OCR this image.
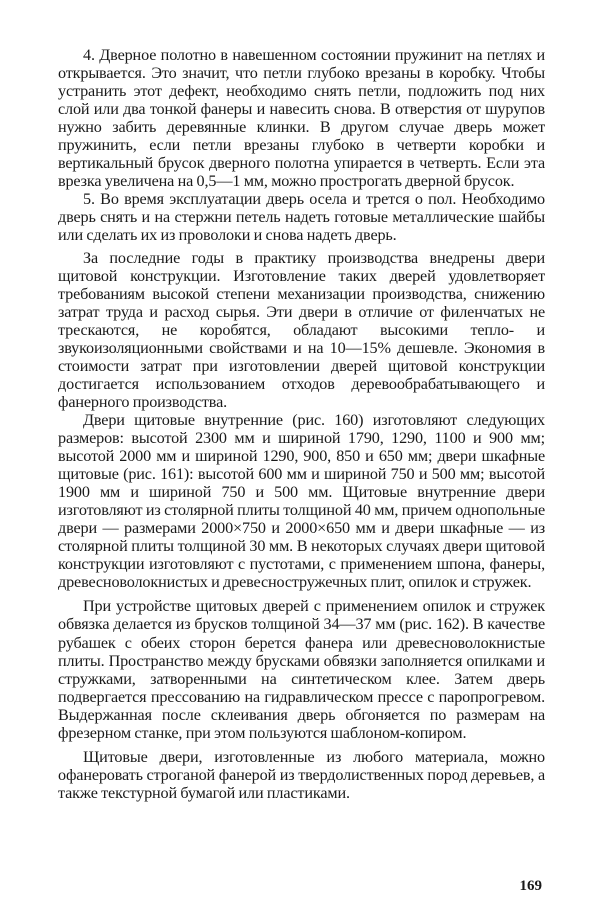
4. Дверное полотно в навешенном состоянии пружинит на петлях и открывается. Это значит, что петли глубоко врезаны в коробку. Чтобы устранить этот дефект, необходимо снять петли, подложить под них слой или два тонкой фанеры и навесить снова. В отверстия от шурупов нужно забить деревянные клинки. В другом случае дверь может пружинить, если петли врезаны глубоко в четверти коробки и вертикальный брусок дверного полотна упирается в четверть. Если эта врезка увеличена на 0,5—1 мм, можно прострогать дверной брусок.

5. Во время эксплуатации дверь осела и трется о пол. Необходимо дверь снять и на стержни петель надеть готовые металлические шайбы или сделать их из проволоки и снова надеть дверь.

За последние годы в практику производства внедрены двери щитовой конструкции. Изготовление таких дверей удовлетворяет требованиям высокой степени механизации производства, снижению затрат труда и расход сырья. Эти двери в отличие от филенчатых не трескаются, не коробятся, обладают высокими тепло- и звукоизоляционными свойствами и на 10—15% дешевле. Экономия в стоимости затрат при изготовлении дверей щитовой конструкции достигается использованием отходов деревообрабатывающего и фанерного производства.

Двери щитовые внутренние (рис. 160) изготовляют следующих размеров: высотой 2300 мм и шириной 1790, 1290, 1100 и 900 мм; высотой 2000 мм и шириной 1290, 900, 850 и 650 мм; двери шкафные щитовые (рис. 161): высотой 600 мм и шириной 750 и 500 мм; высотой 1900 мм и шириной 750 и 500 мм. Щитовые внутренние двери изготовляют из столярной плиты толщиной 40 мм, причем однопольные двери — размерами 2000×750 и 2000×650 мм и двери шкафные — из столярной плиты толщиной 30 мм. В некоторых случаях двери щитовой конструкции изготовляют с пустотами, с применением шпона, фанеры, древесноволокнистых и древесностружечных плит, опилок и стружек.

При устройстве щитовых дверей с применением опилок и стружек обвязка делается из брусков толщиной 34—37 мм (рис. 162). В качестве рубашек с обеих сторон берется фанера или древесноволокнистые плиты. Пространство между брусками обвязки заполняется опилками и стружками, затворенными на синтетическом клее. Затем дверь подвергается прессованию на гидравлическом прессе с паропрогревом. Выдержанная после склеивания дверь обгоняется по размерам на фрезерном станке, при этом пользуются шаблоном-копиром.

Щитовые двери, изготовленные из любого материала, можно офанеровать строганой фанерой из твердолиственных пород деревьев, а также текстурной бумагой или пластиками.

169
